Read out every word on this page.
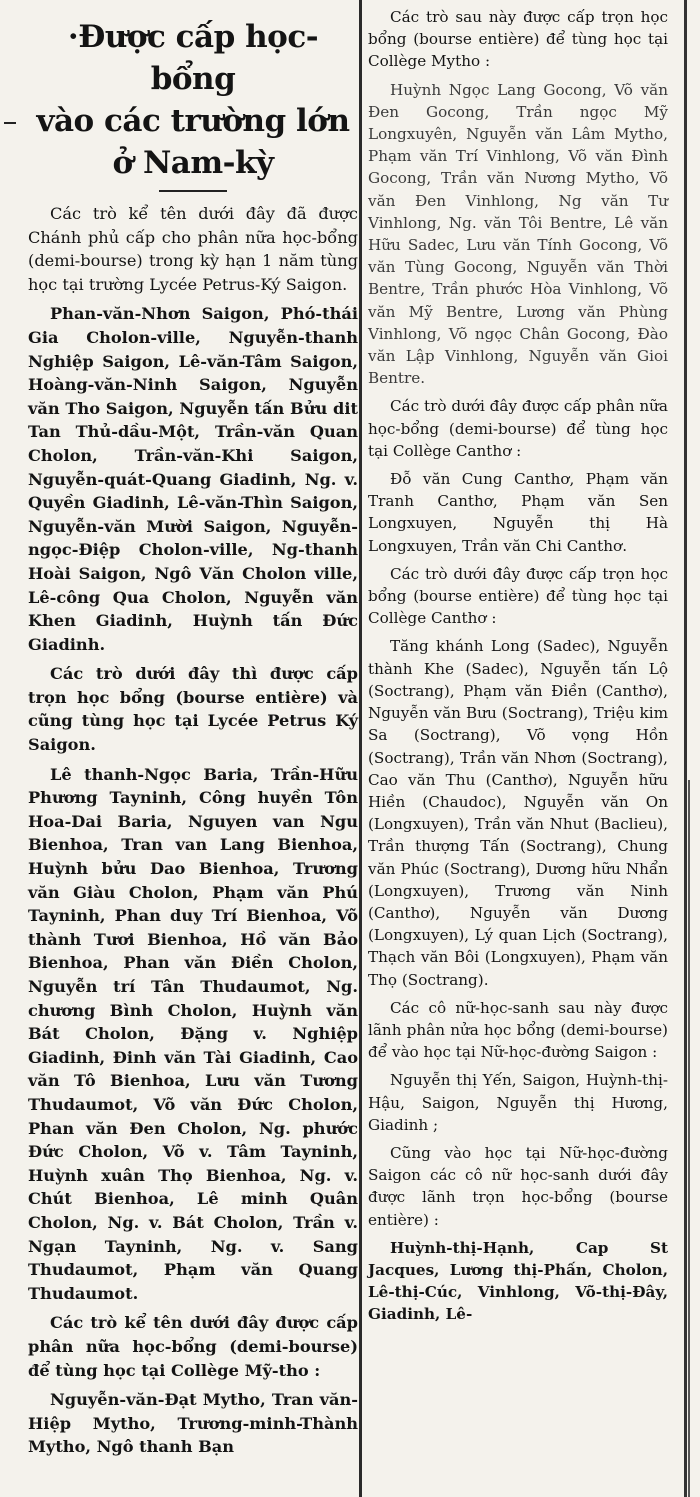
·Được cấp học-bổng
vào các trường lớn
ở Nam-kỳ

Các trò kể tên dưới đây đã được Chánh phủ cấp cho phân nữa học-bổng (demi-bourse) trong kỳ hạn 1 năm tùng học tại trường Lycée Petrus-Ký Saigon.

Phan-văn-Nhơn Saigon, Phó-thái Gia Cholon-ville, Nguyễn-thanh Nghiệp Saigon, Lê-văn-Tâm Saigon, Hoàng-văn-Ninh Saigon, Nguyễn văn Tho Saigon, Nguyễn tấn Bửu dit Tan Thủ-dầu-Một, Trần-văn Quan Cholon, Trần-văn-Khi Saigon, Nguyễn-quát-Quang Giadinh, Ng. v. Quyền Giadinh, Lê-văn-Thìn Saigon, Nguyễn-văn Mười Saigon, Nguyễn-ngọc-Điệp Cholon-ville, Ng-thanh Hoài Saigon, Ngô Văn Cholon ville, Lê-công Qua Cholon, Nguyễn văn Khen Giadinh, Huỳnh tấn Đức Giadinh.

Các trò dưới đây thì được cấp trọn học bổng (bourse entière) và cũng tùng học tại Lycée Petrus Ký Saigon.

Lê thanh-Ngọc Baria, Trần-Hữu Phương Tayninh, Công huyền Tôn Hoa-Dai Baria, Nguyen van Ngu Bienhoa, Tran van Lang Bienhoa, Huỳnh bửu Dao Bienhoa, Trương văn Giàu Cholon, Phạm văn Phú Tayninh, Phan duy Trí Bienhoa, Võ thành Tươi Bienhoa, Hồ văn Bảo Bienhoa, Phan văn Điền Cholon, Nguyễn trí Tân Thudaumot, Ng. chương Bình Cholon, Huỳnh văn Bát Cholon, Đặng v. Nghiệp Giadinh, Đinh văn Tài Giadinh, Cao văn Tô Bienhoa, Lưu văn Tương Thudaumot, Võ văn Đức Cholon, Phan văn Đen Cholon, Ng. phước Đức Cholon, Võ v. Tâm Tayninh, Huỳnh xuân Thọ Bienhoa, Ng. v. Chút Bienhoa, Lê minh Quân Cholon, Ng. v. Bát Cholon, Trần v. Ngạn Tayninh, Ng. v. Sang Thudaumot, Phạm văn Quang Thudaumot.

Các trò kể tên dưới đây được cấp phân nữa học-bổng (demi-bourse) để tùng học tại Collège Mỹ-tho :

Nguyễn-văn-Đạt Mytho, Tran văn-Hiệp Mytho, Trương-minh-Thành Mytho, Ngô thanh Bạn

Các trò sau này được cấp trọn học bổng (bourse entière) để tùng học tại Collège Mytho :

Huỳnh Ngọc Lang Gocong, Võ văn Đen Gocong, Trần ngọc Mỹ Longxuyên, Nguyễn văn Lâm Mytho, Phạm văn Trí Vinhlong, Võ văn Đình Gocong, Trần văn Nương Mytho, Võ văn Đen Vinhlong, Ng văn Tư Vinhlong, Ng. văn Tôi Bentre, Lê văn Hữu Sadec, Lưu văn Tính Gocong, Võ văn Tùng Gocong, Nguyễn văn Thời Bentre, Trần phước Hòa Vinhlong, Võ văn Mỹ Bentre, Lương văn Phùng Vinhlong, Võ ngọc Chân Gocong, Đào văn Lập Vinhlong, Nguyễn văn Gioi Bentre.

Các trò dưới đây được cấp phân nữa học-bổng (demi-bourse) để tùng học tại Collège Canthơ :

Đỗ văn Cung Canthơ, Phạm văn Tranh Canthơ, Phạm văn Sen Longxuyen, Nguyễn thị Hà Longxuyen, Trần văn Chi Canthơ.

Các trò dưới đây được cấp trọn học bổng (bourse entière) để tùng học tại Collège Canthơ :

Tăng khánh Long (Sadec), Nguyễn thành Khe (Sadec), Nguyễn tấn Lộ (Soctrang), Phạm văn Điền (Canthơ), Nguyễn văn Bưu (Soctrang), Triệu kim Sa (Soctrang), Võ vọng Hồn (Soctrang), Trần văn Nhơn (Soctrang), Cao văn Thu (Canthơ), Nguyễn hữu Hiền (Chaudoc), Nguyễn văn On (Longxuyen), Trần văn Nhut (Baclieu), Trần thượng Tấn (Soctrang), Chung văn Phúc (Soctrang), Dương hữu Nhẩn (Longxuyen), Trương văn Ninh (Canthơ), Nguyễn văn Dương (Longxuyen), Lý quan Lịch (Soctrang), Thạch văn Bôi (Longxuyen), Phạm văn Thọ (Soctrang).

Các cô nữ-học-sanh sau này được lãnh phân nửa học bổng (demi-bourse) để vào học tại Nữ-học-đường Saigon :

Nguyễn thị Yến, Saigon, Huỳnh-thị-Hậu, Saigon, Nguyễn thị Hương, Giadinh ;

Cũng vào học tại Nữ-học-đường Saigon các cô nữ học-sanh dưới đây được lãnh trọn học-bổng (bourse entière) :

Huỳnh-thị-Hạnh, Cap St Jacques, Lương thị-Phấn, Cholon, Lê-thị-Cúc, Vinhlong, Võ-thị-Đây, Giadinh, Lê-
